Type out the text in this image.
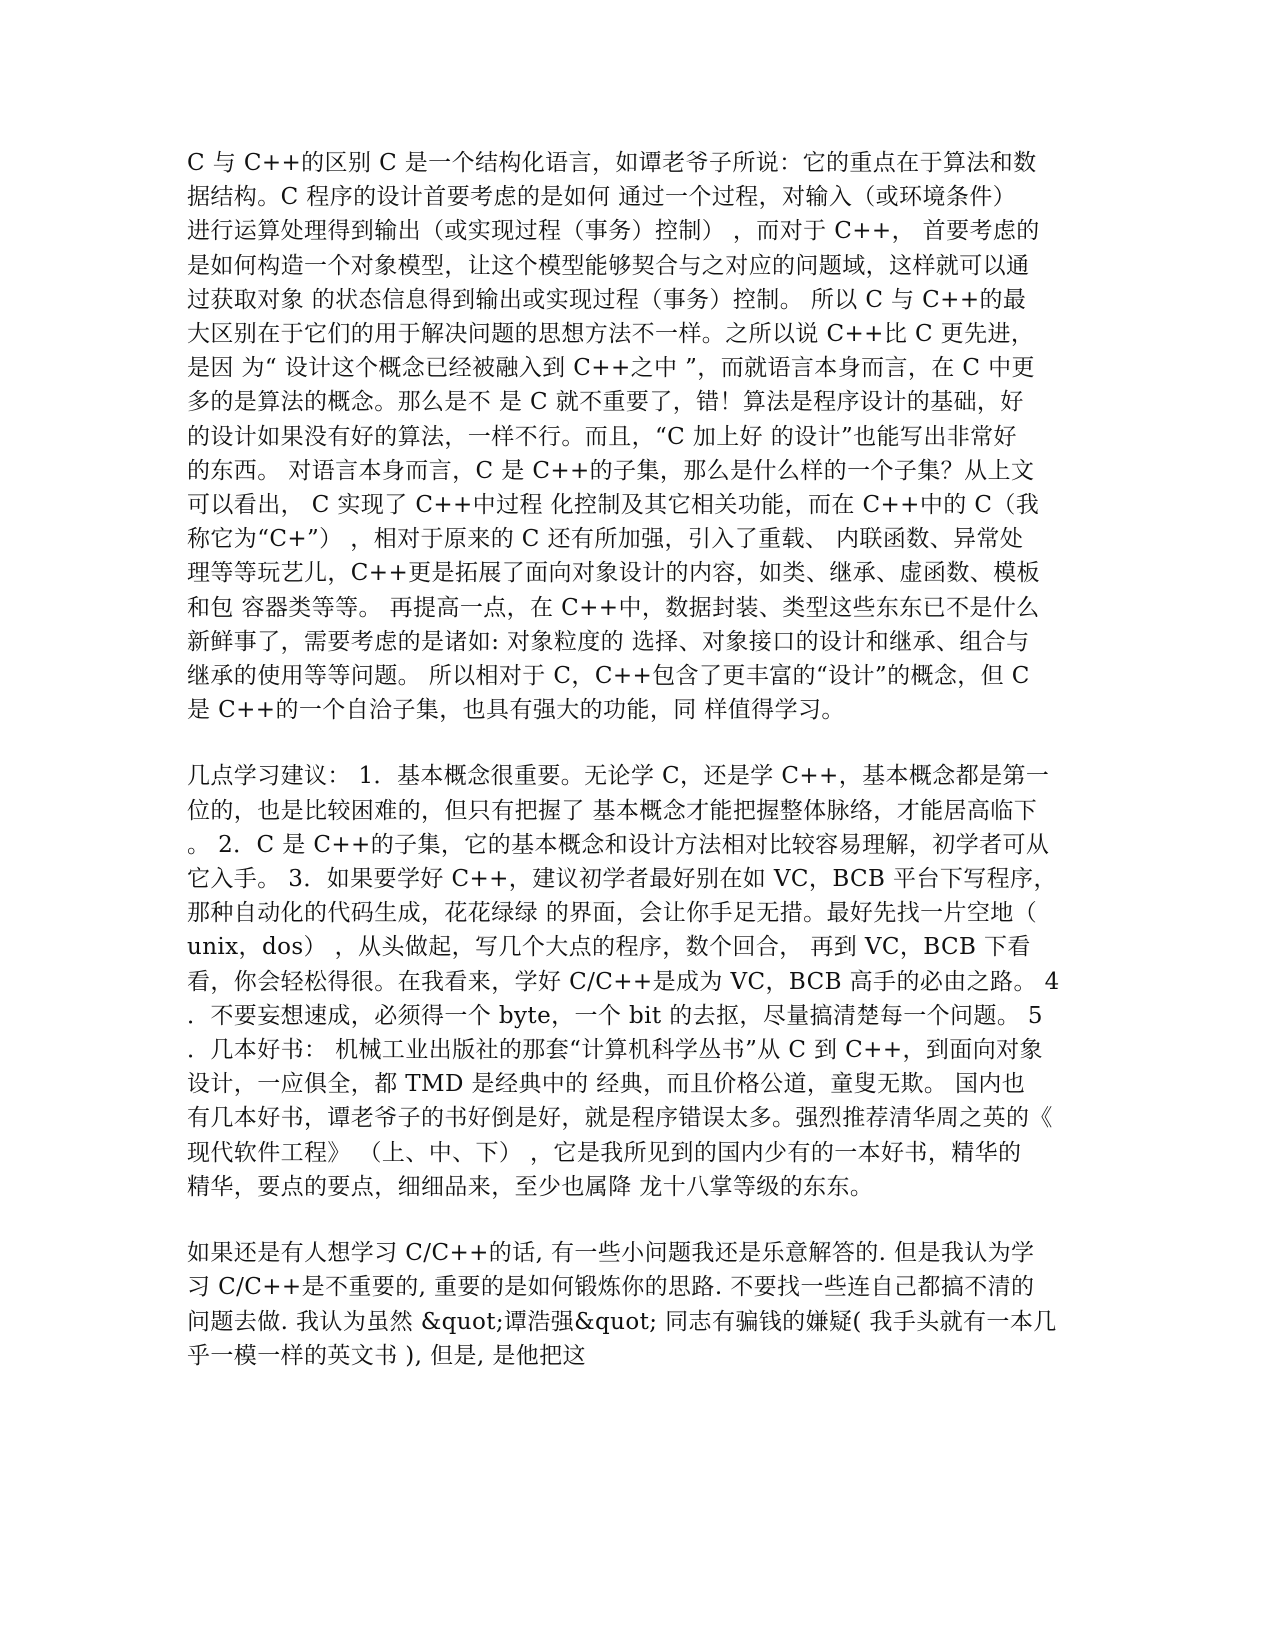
C 与 C++的区别 C 是一个结构化语言，如谭老爷子所说：它的重点在于算法和数
据结构。C 程序的设计首要考虑的是如何 通过一个过程，对输入（或环境条件）
进行运算处理得到输出（或实现过程（事务）控制） ，而对于 C++， 首要考虑的
是如何构造一个对象模型，让这个模型能够契合与之对应的问题域，这样就可以通
过获取对象 的状态信息得到输出或实现过程（事务）控制。 所以 C 与 C++的最
大区别在于它们的用于解决问题的思想方法不一样。之所以说 C++比 C 更先进，
是因 为“ 设计这个概念已经被融入到 C++之中 ”，而就语言本身而言，在 C 中更
多的是算法的概念。那么是不 是 C 就不重要了，错！算法是程序设计的基础，好
的设计如果没有好的算法，一样不行。而且，“C 加上好 的设计”也能写出非常好
的东西。 对语言本身而言，C 是 C++的子集，那么是什么样的一个子集？从上文
可以看出， C 实现了 C++中过程 化控制及其它相关功能，而在 C++中的 C（我
称它为“C+”） ，相对于原来的 C 还有所加强，引入了重载、 内联函数、异常处
理等等玩艺儿，C++更是拓展了面向对象设计的内容，如类、继承、虚函数、模板
和包 容器类等等。 再提高一点，在 C++中，数据封装、类型这些东东已不是什么
新鲜事了，需要考虑的是诸如: 对象粒度的 选择、对象接口的设计和继承、组合与
继承的使用等等问题。 所以相对于 C，C++包含了更丰富的“设计”的概念，但 C
是 C++的一个自洽子集，也具有强大的功能，同 样值得学习。
几点学习建议： 1．基本概念很重要。无论学 C，还是学 C++，基本概念都是第一
位的，也是比较困难的，但只有把握了 基本概念才能把握整体脉络，才能居高临下
。 2．C 是 C++的子集，它的基本概念和设计方法相对比较容易理解，初学者可从
它入手。 3．如果要学好 C++，建议初学者最好别在如 VC，BCB 平台下写程序，
那种自动化的代码生成，花花绿绿 的界面，会让你手足无措。最好先找一片空地（
unix，dos） ，从头做起，写几个大点的程序，数个回合， 再到 VC，BCB 下看
看，你会轻松得很。在我看来，学好 C/C++是成为 VC，BCB 高手的必由之路。 4
．不要妄想速成，必须得一个 byte，一个 bit 的去抠，尽量搞清楚每一个问题。 5
．几本好书： 机械工业出版社的那套“计算机科学丛书”从 C 到 C++，到面向对象
设计，一应俱全，都 TMD 是经典中的 经典，而且价格公道，童叟无欺。 国内也
有几本好书，谭老爷子的书好倒是好，就是程序错误太多。强烈推荐清华周之英的《
现代软件工程》 （上、中、下） ，它是我所见到的国内少有的一本好书，精华的
精华，要点的要点，细细品来，至少也属降 龙十八掌等级的东东。
如果还是有人想学习 C/C++的话, 有一些小问题我还是乐意解答的. 但是我认为学
习 C/C++是不重要的, 重要的是如何锻炼你的思路. 不要找一些连自己都搞不清的
问题去做. 我认为虽然 &quot;谭浩强&quot; 同志有骗钱的嫌疑( 我手头就有一本几
乎一模一样的英文书 ), 但是, 是他把这
